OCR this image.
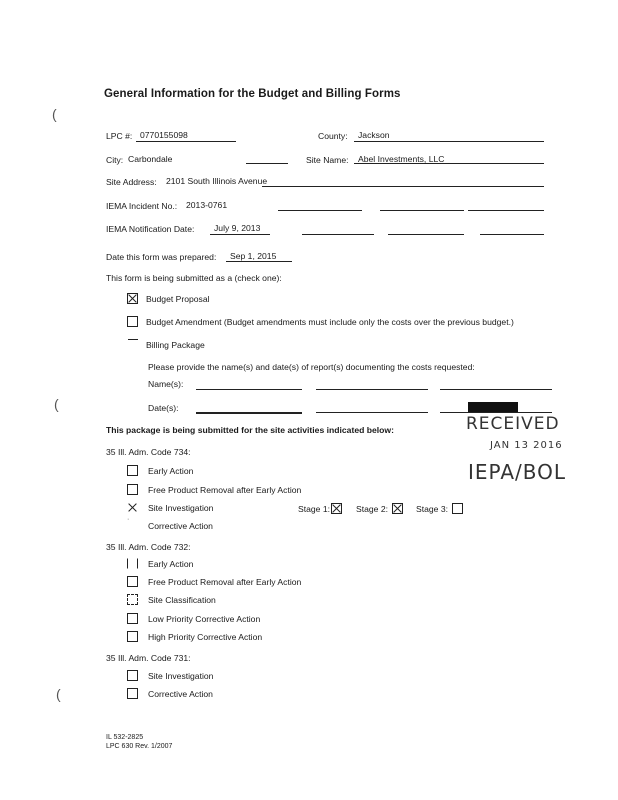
General Information for the Budget and Billing Forms
(
(
(
LPC #: 0770155098	County: Jackson
City: Carbondale	Site Name: Abel Investments, LLC
Site Address: 2101 South Illinois Avenue
IEMA Incident No.: 2013-0761
IEMA Notification Date: July 9, 2013
Date this form was prepared: Sep 1, 2015
This form is being submitted as a (check one):
Budget Proposal
Budget Amendment (Budget amendments must include only the costs over the previous budget.)
Billing Package
Please provide the name(s) and date(s) of report(s) documenting the costs requested:
Name(s):
Date(s):
RECEIVED
JAN 13 2016
IEPA/BOL
This package is being submitted for the site activities indicated below:
35 Ill. Adm. Code 734:
Early Action
Free Product Removal after Early Action
Site Investigation	Stage 1:	Stage 2:	Stage 3:
·
Corrective Action
35 Ill. Adm. Code 732:
Early Action
Free Product Removal after Early Action
Site Classification
Low Priority Corrective Action
High Priority Corrective Action
35 Ill. Adm. Code 731:
Site Investigation
Corrective Action
IL 532-2825
LPC 630 Rev. 1/2007
